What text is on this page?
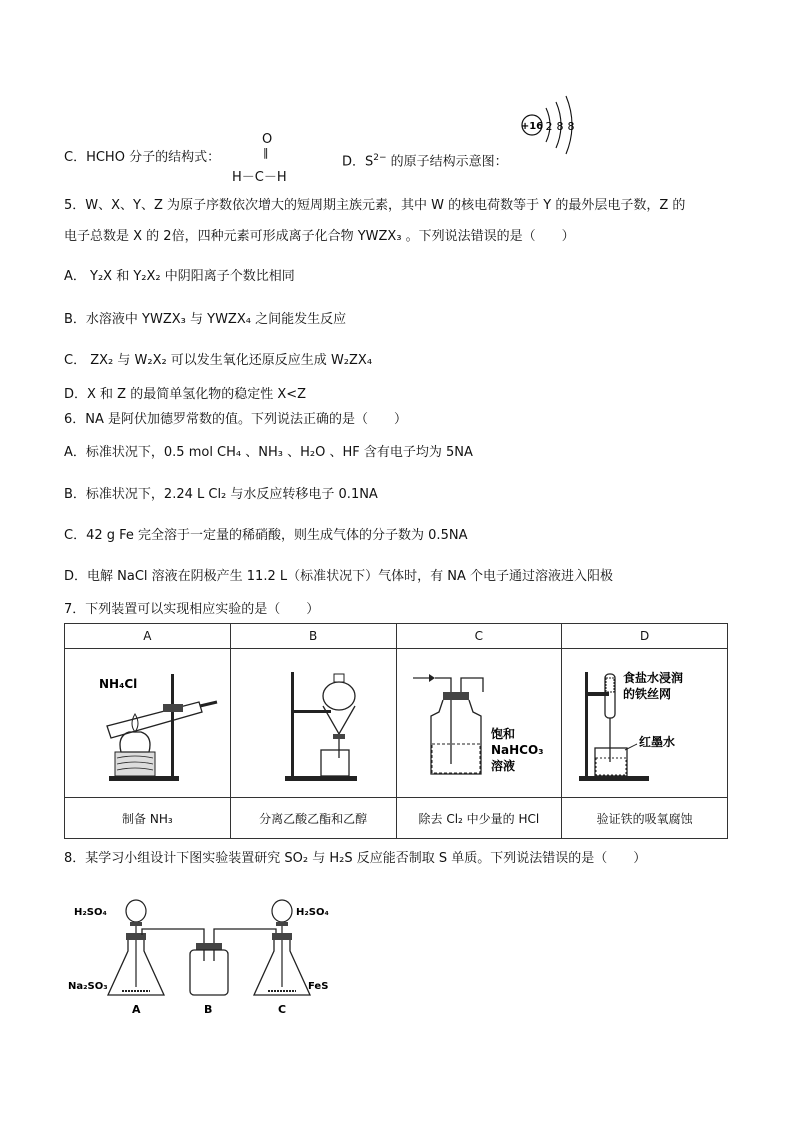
C．HCHO 分子的结构式：
O
‖
H－C－H
D．$S^{2-}$ 的原子结构示意图：
+16 2 8 8
5．W、X、Y、Z 为原子序数依次增大的短周期主族元素，其中 W 的核电荷数等于 Y 的最外层电子数，Z 的
电子总数是 X 的 2倍，四种元素可形成离子化合物 YWZX₃ 。下列说法错误的是（　　）
A． Y₂X 和 Y₂X₂ 中阴阳离子个数比相同
B．水溶液中 YWZX₃ 与 YWZX₄ 之间能发生反应
C． ZX₂ 与 W₂X₂ 可以发生氧化还原反应生成 W₂ZX₄
D．X 和 Z 的最简单氢化物的稳定性 X<Z
6．NA 是阿伏加德罗常数的值。下列说法正确的是（　　）
A．标准状况下，0.5 mol CH₄ 、NH₃ 、H₂O 、HF 含有电子均为 5NA
B．标准状况下，2.24 L Cl₂ 与水反应转移电子 0.1NA
C．42 g Fe 完全溶于一定量的稀硝酸，则生成气体的分子数为 0.5NA
D．电解 NaCl 溶液在阴极产生 11.2 L（标准状况下）气体时，有 NA 个电子通过溶液进入阳极
7．下列装置可以实现相应实验的是（　　）
A	B	C	D

NH₄Cl		饱和
NaHCO₃
溶液	食盐水浸润
的铁丝网
红墨水

制备 NH₃	分离乙酸乙酯和乙醇	除去 Cl₂ 中少量的 HCl	验证铁的吸氧腐蚀
8．某学习小组设计下图实验装置研究 SO₂ 与 H₂S 反应能否制取 S 单质。下列说法错误的是（　　）
H₂SO₄
Na₂SO₃
A	B
H₂SO₄
FeS
C
